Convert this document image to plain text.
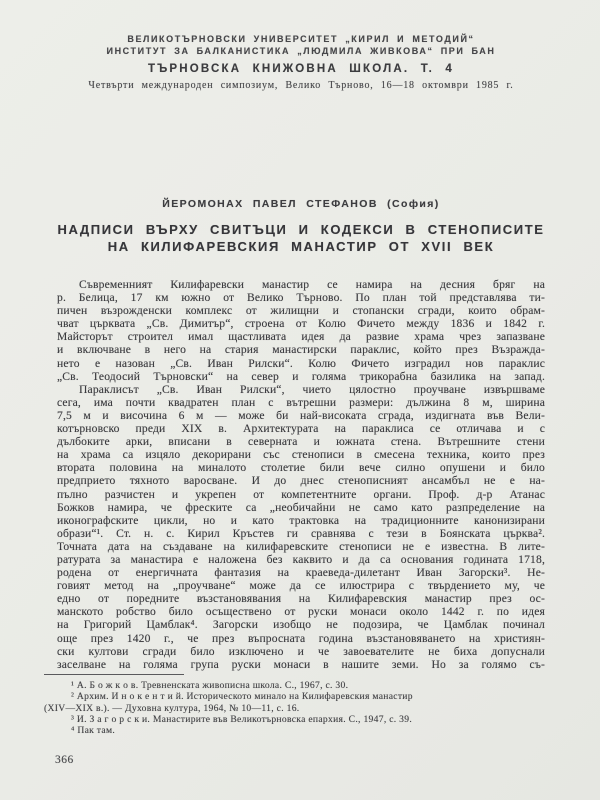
ВЕЛИКОТЪРНОВСКИ УНИВЕРСИТЕТ „КИРИЛ И МЕТОДИЙ“
ИНСТИТУТ ЗА БАЛКАНИСТИКА „ЛЮДМИЛА ЖИВКОВА“ ПРИ БАН
ТЪРНОВСКА КНИЖОВНА ШКОЛА. Т. 4
Четвърти международен симпозиум, Велико Търново, 16—18 октомври 1985 г.
ЙЕРОМОНАХ ПАВЕЛ СТЕФАНОВ (София)
НАДПИСИ ВЪРХУ СВИТЪЦИ И КОДЕКСИ В СТЕНОПИСИТЕ
НА КИЛИФАРЕВСКИЯ МАНАСТИР ОТ XVII ВЕК
Съвременният Килифаревски манастир се намира на десния бряг на
р. Белица, 17 км южно от Велико Търново. По план той представлява ти-
пичен възрожденски комплекс от жилищни и стопански сгради, които обрам-
чват църквата „Св. Димитър“, строена от Колю Фичето между 1836 и 1842 г.
Майсторът строител имал щастливата идея да развие храма чрез запазване
и включване в него на стария манастирски параклис, който през Възражда-
нето е назован „Св. Иван Рилски“. Колю Фичето изградил нов параклис
„Св. Теодосий Търновски“ на север и голяма трикорабна базилика на запад.
Параклисът „Св. Иван Рилски“, чието цялостно проучване извършваме
сега, има почти квадратен план с вътрешни размери: дължина 8 м, ширина
7,5 м и височина 6 м — може би най-високата сграда, издигната във Вели-
котърновско преди XIX в. Архитектурата на параклиса се отличава и с
дълбоките арки, вписани в северната и южната стена. Вътрешните стени
на храма са изцяло декорирани със стенописи в смесена техника, които през
втората половина на миналото столетие били вече силно опушени и било
предприето тяхното варосване. И до днес стенописният ансамбъл не е на-
пълно разчистен и укрепен от компетентните органи. Проф. д-р Атанас
Божков намира, че фреските са „необичайни не само като разпределение на
иконографските цикли, но и като трактовка на традиционните канонизирани
образи“¹. Ст. н. с. Кирил Кръстев ги сравнява с тези в Боянската църква².
Точната дата на създаване на килифаревските стенописи не е известна. В лите-
ратурата за манастира е наложена без каквито и да са основания годината 1718,
родена от енергичната фантазия на краеведа-дилетант Иван Загорски³. Не-
говият метод на „проучване“ може да се илюстрира с твърдението му, че
едно от поредните възстановявания на Килифаревския манастир през ос-
манското робство било осъществено от руски монаси около 1442 г. по идея
на Григорий Цамблак⁴. Загорски изобщо не подозира, че Цамблак починал
още през 1420 г., че през въпросната година възстановяването на християн-
ски култови сгради било изключено и че завоевателите не биха допуснали
заселване на голяма група руски монаси в нашите земи. Но за голямо съ-
¹ А. Б о ж к о в. Тревненската живописна школа. С., 1967, с. 30.
² Архим. И н о к е н т и й. Историческото минало на Килифаревския манастир
(XIV—XIX в.). — Духовна култура, 1964, № 10—11, с. 16.
³ И. З а г о р с к и. Манастирите във Великотърновска епархия. С., 1947, с. 39.
⁴ Пак там.
366
